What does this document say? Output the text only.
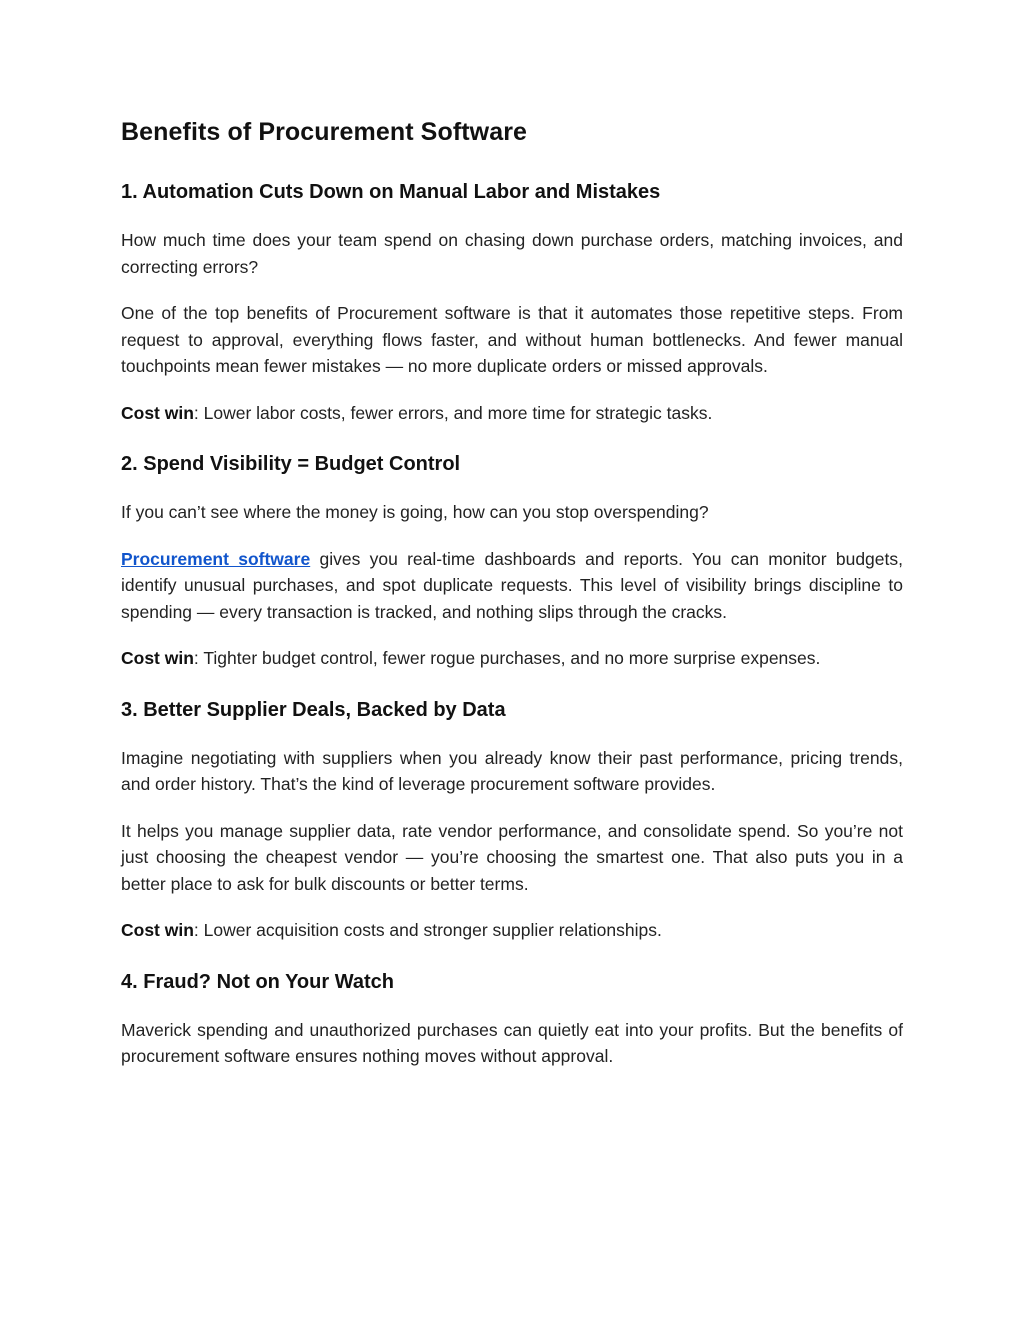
Benefits of Procurement Software
1. Automation Cuts Down on Manual Labor and Mistakes

How much time does your team spend on chasing down purchase orders, matching invoices, and correcting errors?

One of the top benefits of Procurement software is that it automates those repetitive steps. From request to approval, everything flows faster, and without human bottlenecks. And fewer manual touchpoints mean fewer mistakes — no more duplicate orders or missed approvals.

Cost win: Lower labor costs, fewer errors, and more time for strategic tasks.

2. Spend Visibility = Budget Control

If you can’t see where the money is going, how can you stop overspending?

Procurement software gives you real-time dashboards and reports. You can monitor budgets, identify unusual purchases, and spot duplicate requests. This level of visibility brings discipline to spending — every transaction is tracked, and nothing slips through the cracks.

Cost win: Tighter budget control, fewer rogue purchases, and no more surprise expenses.

3. Better Supplier Deals, Backed by Data

Imagine negotiating with suppliers when you already know their past performance, pricing trends, and order history. That’s the kind of leverage procurement software provides.

It helps you manage supplier data, rate vendor performance, and consolidate spend. So you’re not just choosing the cheapest vendor — you’re choosing the smartest one. That also puts you in a better place to ask for bulk discounts or better terms.

Cost win: Lower acquisition costs and stronger supplier relationships.

4. Fraud? Not on Your Watch

Maverick spending and unauthorized purchases can quietly eat into your profits. But the benefits of procurement software ensures nothing moves without approval.
